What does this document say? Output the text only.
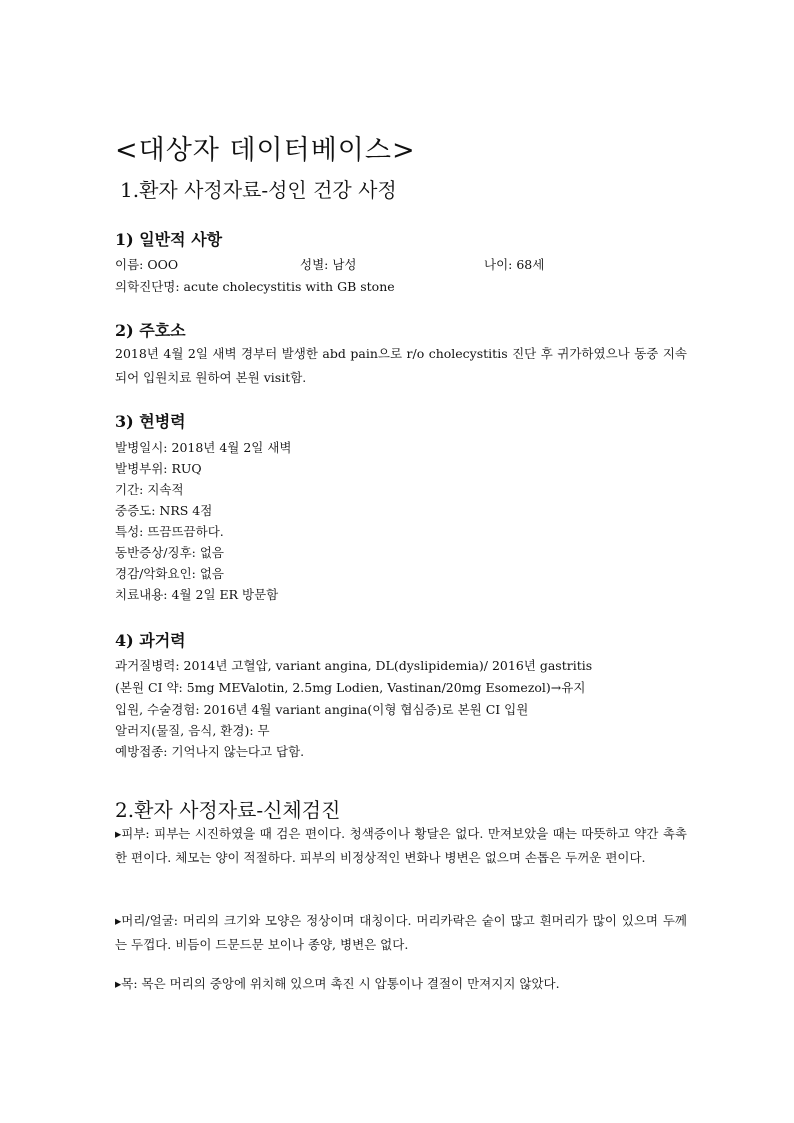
<대상자 데이터베이스>
1.환자 사정자료-성인 건강 사정
1) 일반적 사항
이름: OOO	성별: 남성	나이: 68세
의학진단명: acute cholecystitis with GB stone
2) 주호소
2018년 4월 2일 새벽 경부터 발생한 abd pain으로 r/o cholecystitis 진단 후 귀가하였으나 동중 지속되어 입원치료 원하여 본원 visit함.
3) 현병력
발병일시: 2018년 4월 2일 새벽
발병부위: RUQ
기간: 지속적
중증도: NRS 4점
특성: 뜨끔뜨끔하다.
동반증상/징후: 없음
경감/악화요인: 없음
치료내용: 4월 2일 ER 방문함
4) 과거력
과거질병력: 2014년 고혈압, variant angina, DL(dyslipidemia)/ 2016년 gastritis
(본원 CI 약: 5mg MEValotin, 2.5mg Lodien, Vastinan/20mg Esomezol)→유지
입원, 수술경험: 2016년 4월 variant angina(이형 협심증)로 본원 CI 입원
알러지(물질, 음식, 환경): 무
예방접종: 기억나지 않는다고 답함.
2.환자 사정자료-신체검진
▸피부: 피부는 시진하였을 때 검은 편이다. 청색증이나 황달은 없다. 만져보았을 때는 따뜻하고 약간 촉촉한 편이다. 체모는 양이 적절하다. 피부의 비정상적인 변화나 병변은 없으며 손톱은 두꺼운 편이다.
▸머리/얼굴: 머리의 크기와 모양은 정상이며 대칭이다. 머리카락은 숱이 많고 흰머리가 많이 있으며 두께는 두껍다. 비듬이 드문드문 보이나 종양, 병변은 없다.
▸목: 목은 머리의 중앙에 위치해 있으며 촉진 시 압통이나 결절이 만져지지 않았다.
